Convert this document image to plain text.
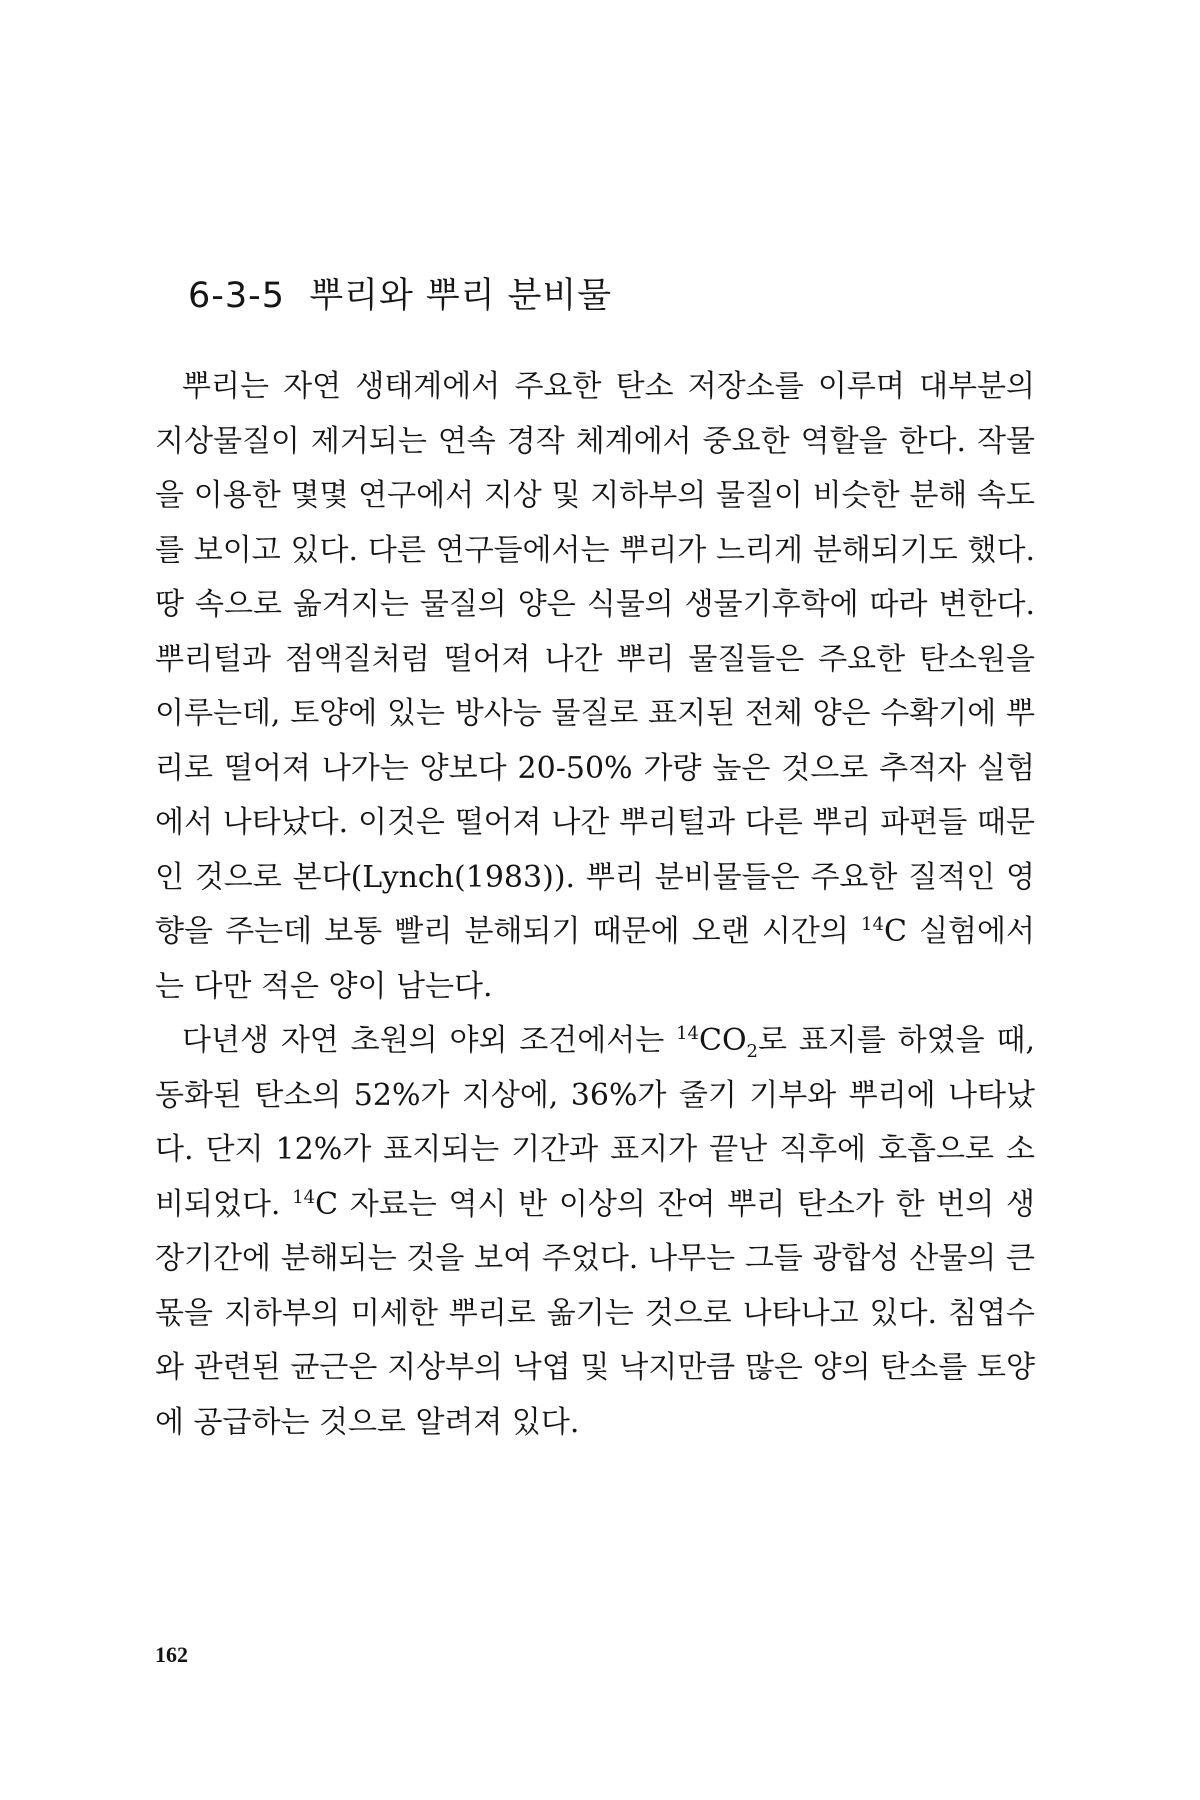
6-3-5 뿌리와 뿌리 분비물

뿌리는 자연 생태계에서 주요한 탄소 저장소를 이루며 대부분의 지상물질이 제거되는 연속 경작 체계에서 중요한 역할을 한다. 작물을 이용한 몇몇 연구에서 지상 및 지하부의 물질이 비슷한 분해 속도를 보이고 있다. 다른 연구들에서는 뿌리가 느리게 분해되기도 했다. 땅 속으로 옮겨지는 물질의 양은 식물의 생물기후학에 따라 변한다. 뿌리털과 점액질처럼 떨어져 나간 뿌리 물질들은 주요한 탄소원을 이루는데, 토양에 있는 방사능 물질로 표지된 전체 양은 수확기에 뿌리로 떨어져 나가는 양보다 20-50% 가량 높은 것으로 추적자 실험에서 나타났다. 이것은 떨어져 나간 뿌리털과 다른 뿌리 파편들 때문인 것으로 본다(Lynch(1983)). 뿌리 분비물들은 주요한 질적인 영향을 주는데 보통 빨리 분해되기 때문에 오랜 시간의 $^{14}$C 실험에서는 다만 적은 양이 남는다.

다년생 자연 초원의 야외 조건에서는 $^{14}CO_2$로 표지를 하였을 때, 동화된 탄소의 52%가 지상에, 36%가 줄기 기부와 뿌리에 나타났다. 단지 12%가 표지되는 기간과 표지가 끝난 직후에 호흡으로 소비되었다. $^{14}$C 자료는 역시 반 이상의 잔여 뿌리 탄소가 한 번의 생장기간에 분해되는 것을 보여 주었다. 나무는 그들 광합성 산물의 큰 몫을 지하부의 미세한 뿌리로 옮기는 것으로 나타나고 있다. 침엽수와 관련된 균근은 지상부의 낙엽 및 낙지만큼 많은 양의 탄소를 토양에 공급하는 것으로 알려져 있다.

162
